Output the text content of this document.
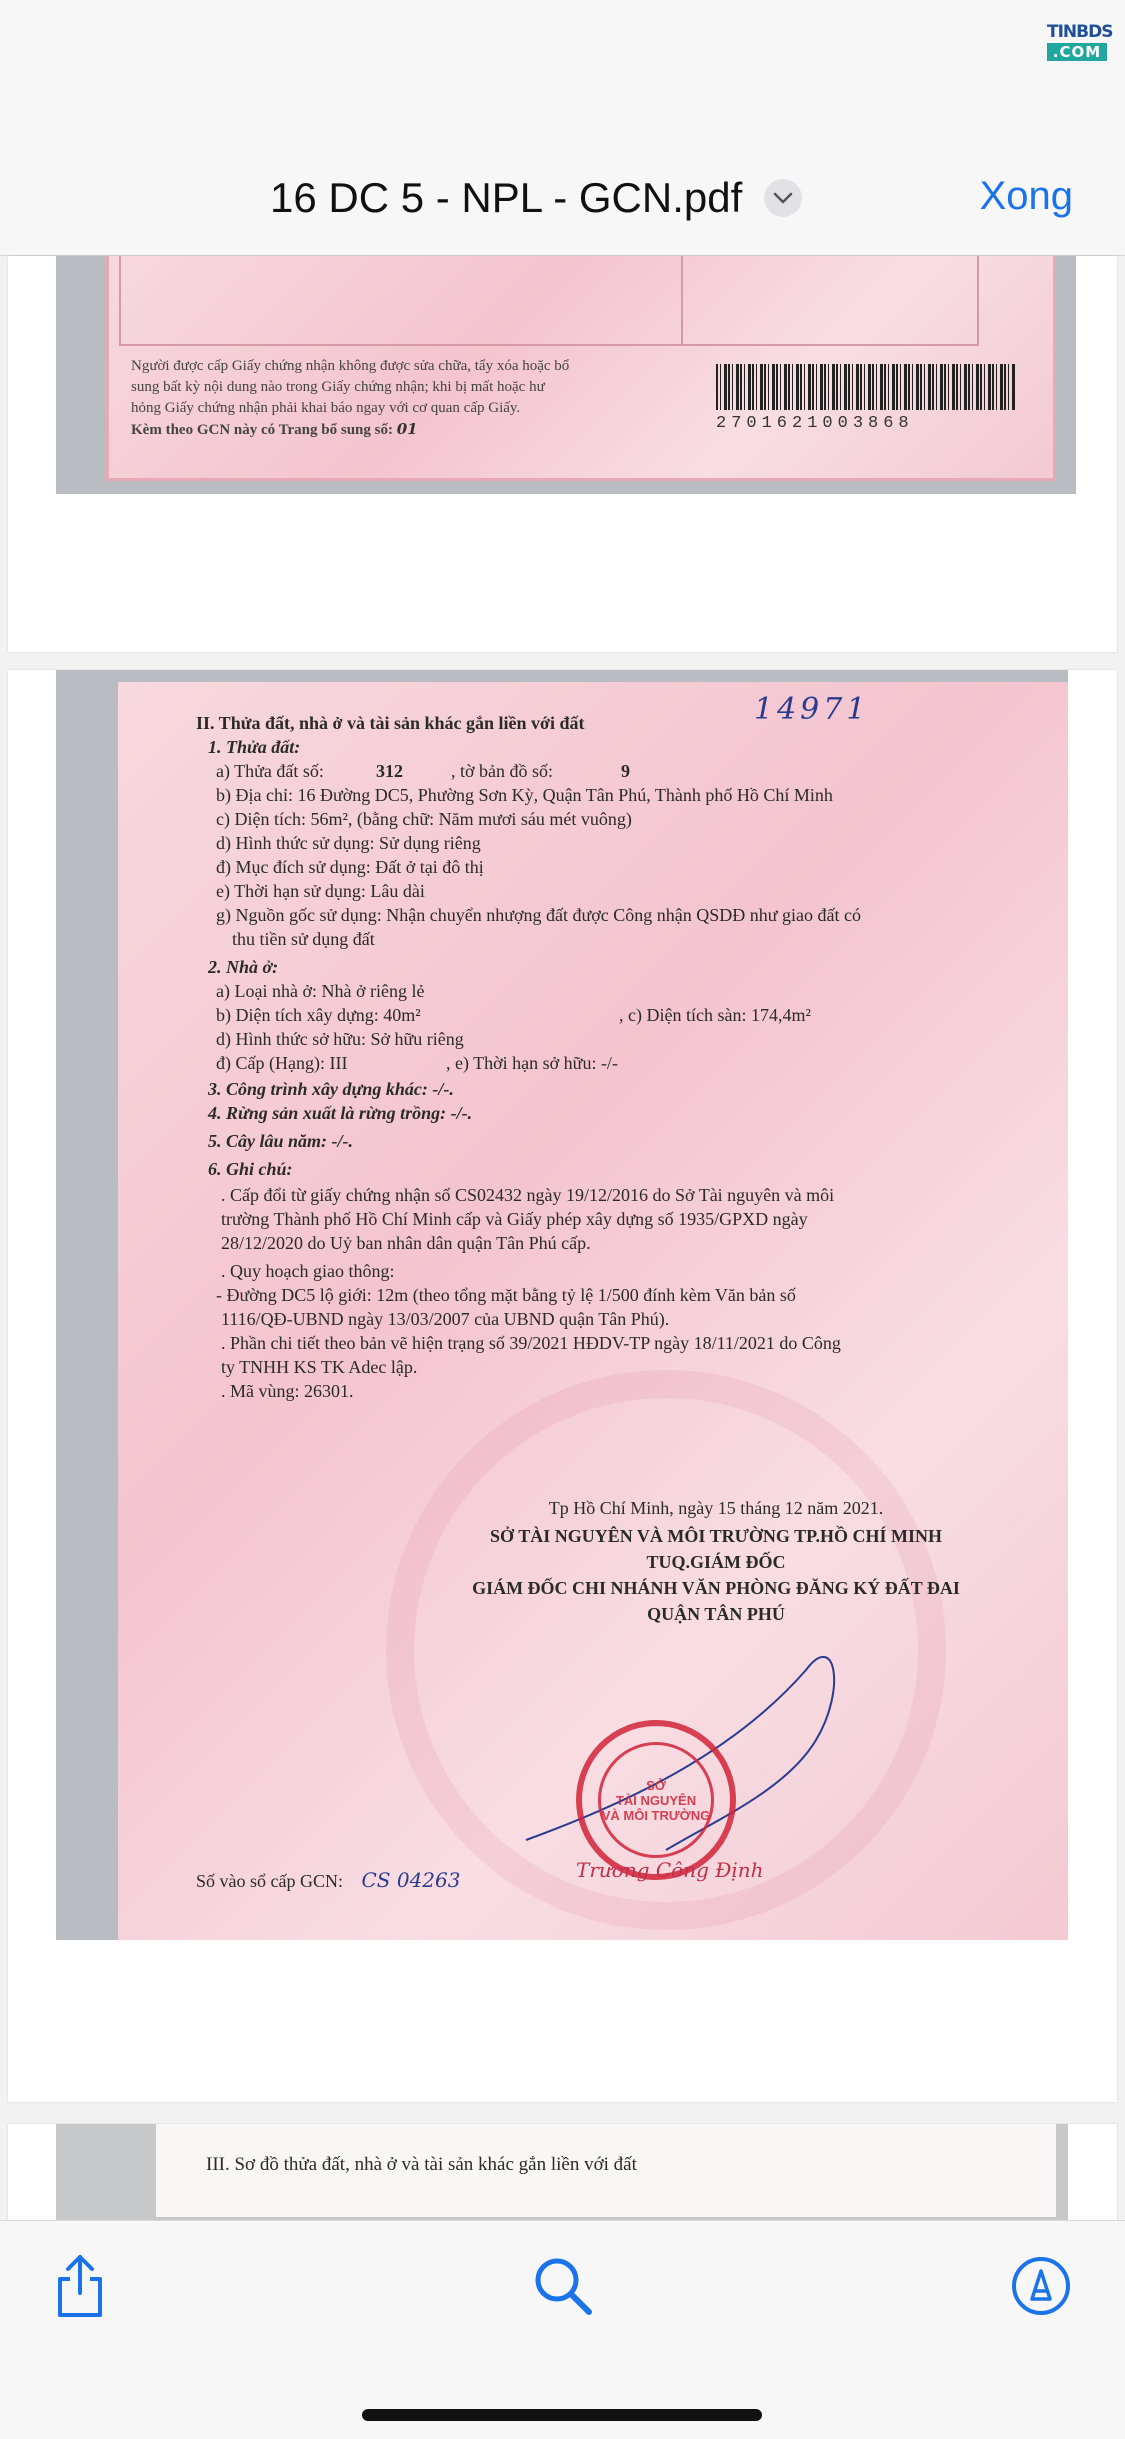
TINBDS
.COM
16 DC 5 - NPL - GCN.pdf	Xong
Người được cấp Giấy chứng nhận không được sửa chữa, tẩy xóa hoặc bổ
sung bất kỳ nội dung nào trong Giấy chứng nhận; khi bị mất hoặc hư
hỏng Giấy chứng nhận phải khai báo ngay với cơ quan cấp Giấy.
Kèm theo GCN này có Trang bổ sung số: 01	2701621003868
14971
II. Thửa đất, nhà ở và tài sản khác gắn liền với đất
1. Thửa đất:
a) Thửa đất số:	312	, tờ bản đồ số:	9
b) Địa chỉ: 16 Đường DC5, Phường Sơn Kỳ, Quận Tân Phú, Thành phố Hồ Chí Minh
c) Diện tích: 56m², (bằng chữ: Năm mươi sáu mét vuông)
d) Hình thức sử dụng: Sử dụng riêng
đ) Mục đích sử dụng: Đất ở tại đô thị
e) Thời hạn sử dụng: Lâu dài
g) Nguồn gốc sử dụng: Nhận chuyển nhượng đất được Công nhận QSDĐ như giao đất có
thu tiền sử dụng đất
2. Nhà ở:
a) Loại nhà ở: Nhà ở riêng lẻ
b) Diện tích xây dựng: 40m²	, c) Diện tích sàn: 174,4m²
d) Hình thức sở hữu: Sở hữu riêng
đ) Cấp (Hạng): III	, e) Thời hạn sở hữu: -/-
3. Công trình xây dựng khác: -/-.
4. Rừng sản xuất là rừng trồng: -/-.
5. Cây lâu năm: -/-.
6. Ghi chú:
. Cấp đổi từ giấy chứng nhận số CS02432 ngày 19/12/2016 do Sở Tài nguyên và môi
trường Thành phố Hồ Chí Minh cấp và Giấy phép xây dựng số 1935/GPXD ngày
28/12/2020 do Uỷ ban nhân dân quận Tân Phú cấp.
. Quy hoạch giao thông:
- Đường DC5 lộ giới: 12m (theo tổng mặt bằng tỷ lệ 1/500 đính kèm Văn bản số
1116/QĐ-UBND ngày 13/03/2007 của UBND quận Tân Phú).
. Phần chi tiết theo bản vẽ hiện trạng số 39/2021 HĐDV-TP ngày 18/11/2021 do Công
ty TNHH KS TK Adec lập.
. Mã vùng: 26301.
Tp Hồ Chí Minh, ngày 15 tháng 12 năm 2021.
SỞ TÀI NGUYÊN VÀ MÔI TRƯỜNG TP.HỒ CHÍ MINH
TUQ.GIÁM ĐỐC
GIÁM ĐỐC CHI NHÁNH VĂN PHÒNG ĐĂNG KÝ ĐẤT ĐAI
QUẬN TÂN PHÚ
SỞ
TÀI NGUYÊN
VÀ MÔI TRƯỜNG
Trương Công Định
Số vào sổ cấp GCN: CS 04263
III. Sơ đồ thửa đất, nhà ở và tài sản khác gắn liền với đất
